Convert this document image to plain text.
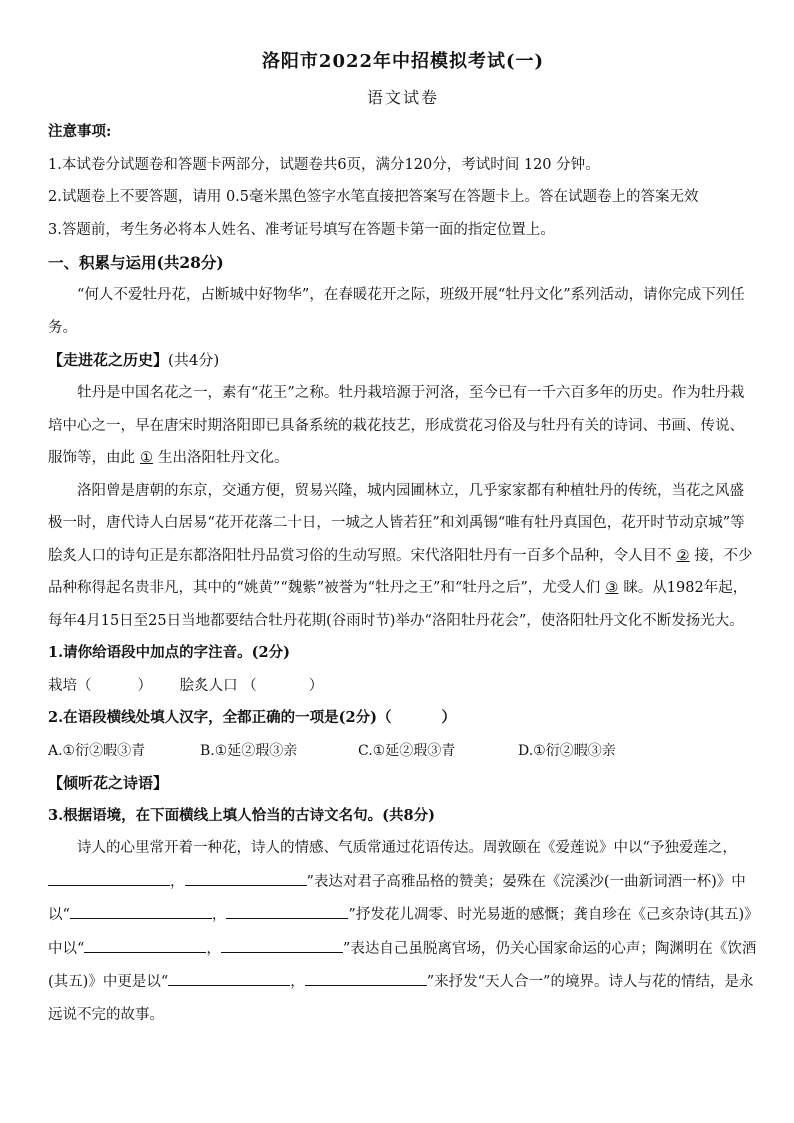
洛阳市2022年中招模拟考试(一)
语文试卷

注意事项:

1.本试卷分试题卷和答题卡两部分，试题卷共6页，满分120分，考试时间 120 分钟。

2.试题卷上不要答题，请用 0.5毫米黑色签字水笔直接把答案写在答题卡上。答在试题卷上的答案无效

3.答题前，考生务必将本人姓名、准考证号填写在答题卡第一面的指定位置上。

一、积累与运用(共28分)

“何人不爱牡丹花，占断城中好物华”，在春暖花开之际，班级开展“牡丹文化”系列活动，请你完成下列任务。

【走进花之历史】(共4分)

牡丹是中国名花之一，素有“花王”之称。牡丹栽培源于河洛，至今已有一千六百多年的历史。作为牡丹栽培中心之一，早在唐宋时期洛阳即已具备系统的栽花技艺，形成赏花习俗及与牡丹有关的诗词、书画、传说、服饰等，由此 ① 生出洛阳牡丹文化。

洛阳曾是唐朝的东京，交通方便，贸易兴隆，城内园圃林立，几乎家家都有种植牡丹的传统，当花之风盛极一时，唐代诗人白居易“花开花落二十日，一城之人皆若狂”和刘禹锡“唯有牡丹真国色，花开时节动京城”等脍炙人口的诗句正是东都洛阳牡丹品赏习俗的生动写照。宋代洛阳牡丹有一百多个品种，令人目不 ② 接，不少品种称得起名贵非凡，其中的“姚黄”“魏紫”被誉为“牡丹之王”和“牡丹之后”，尤受人们 ③ 睐。从1982年起，每年4月15日至25日当地都要结合牡丹花期(谷雨时节)举办“洛阳牡丹花会”，使洛阳牡丹文化不断发扬光大。

1.请你给语段中加点的字注音。(2分)

栽培（	） 脍炙人口 （	）

2.在语段横线处填人汉字，全都正确的一项是(2分)（	）

A.①衍②暇③青	B.①延②瑕③亲	C.①延②瑕③青	D.①衍②暇③亲
【倾听花之诗语】

3.根据语境，在下面横线上填人恰当的古诗文名句。(共8分)

诗人的心里常开着一种花，诗人的情感、气质常通过花语传达。周敦颐在《爱莲说》中以“予独爱莲之，，	”表达对君子高雅品格的赞美；晏殊在《浣溪沙(一曲新词酒一杯)》中以“	，	”抒发花儿凋零、时光易逝的感慨；龚自珍在《己亥杂诗(其五)》中以“	，	”表达自己虽脱离官场，仍关心国家命运的心声；陶渊明在《饮酒(其五)》中更是以“	，	”来抒发“天人合一”的境界。诗人与花的情结，是永远说不完的故事。
